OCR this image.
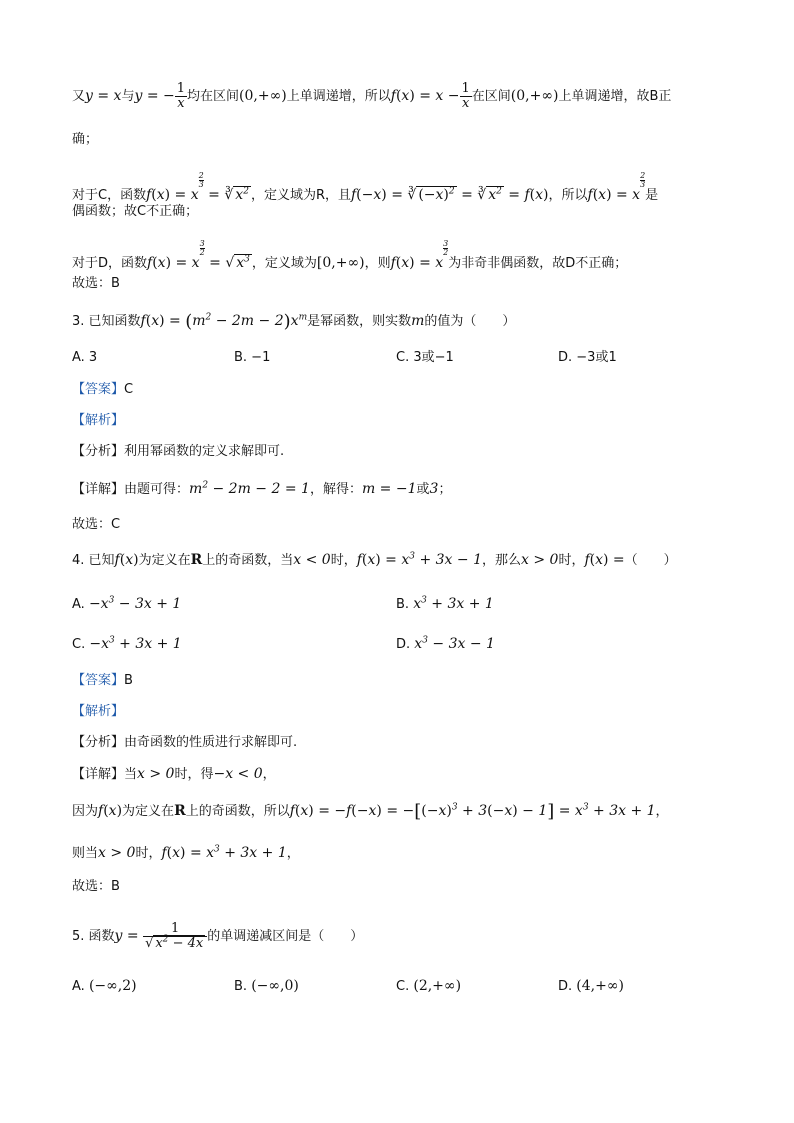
又y = x与y = − $\frac{1}{x}$ 均在区间(0,+∞)上单调递增，所以$f(x) = x - \frac{1}{x}$ 在区间(0,+∞)上单调递增，故B正
确；
对于C，函数$f(x) = x\frac{2}{3}$
= ∛ $x^2$ ，定义域为R，且f(−x) = ∛ $(-x)^2$ = ∛ $x^2 = f(x)$，所以$f(x) = x\frac{2}{3}$
是
偶函数；故C不正确；
对于D，函数$f(x) = x\frac{3}{2}$
= √ $x^3$ ，定义域为[0,+∞)，则$f(x) = x\frac{3}{2}$
为非奇非偶函数，故D不正确；
故选：B
3. 已知函数$f(x) = (m^2 - 2m - 2)x^m$是幂函数，则实数m的值为（　　）
A. 3	B. −1	C. 3或−1	D. −3或1
【答案】C
【解析】
【分析】利用幂函数的定义求解即可.
【详解】由题可得：$m^2 - 2m - 2 = 1$，解得：m = −1或3；
故选：C
4. 已知f(x)为定义在R上的奇函数，当x < 0时，$f(x) = x^3 + 3x - 1$，那么x > 0时，f(x) =（　　）
A. $-x^3 - 3x + 1$	B. $x^3 + 3x + 1$
C. $-x^3 + 3x + 1$	D. $x^3 - 3x - 1$
【答案】B
【解析】
【分析】由奇函数的性质进行求解即可.
【详解】当x > 0时，得−x < 0，
因为f(x)为定义在R上的奇函数，所以$f(x) = -f(-x) = -[(-x)^3 + 3(-x) - 1] = x^3 + 3x + 1$，
则当x > 0时，$f(x) = x^3 + 3x + 1$，
故选：B
5. 函数$y = \frac{1}{√ x^2 - 4x}$ 的单调递减区间是（　　）
A. (−∞,2)	B. (−∞,0)	C. (2,+∞)	D. (4,+∞)
